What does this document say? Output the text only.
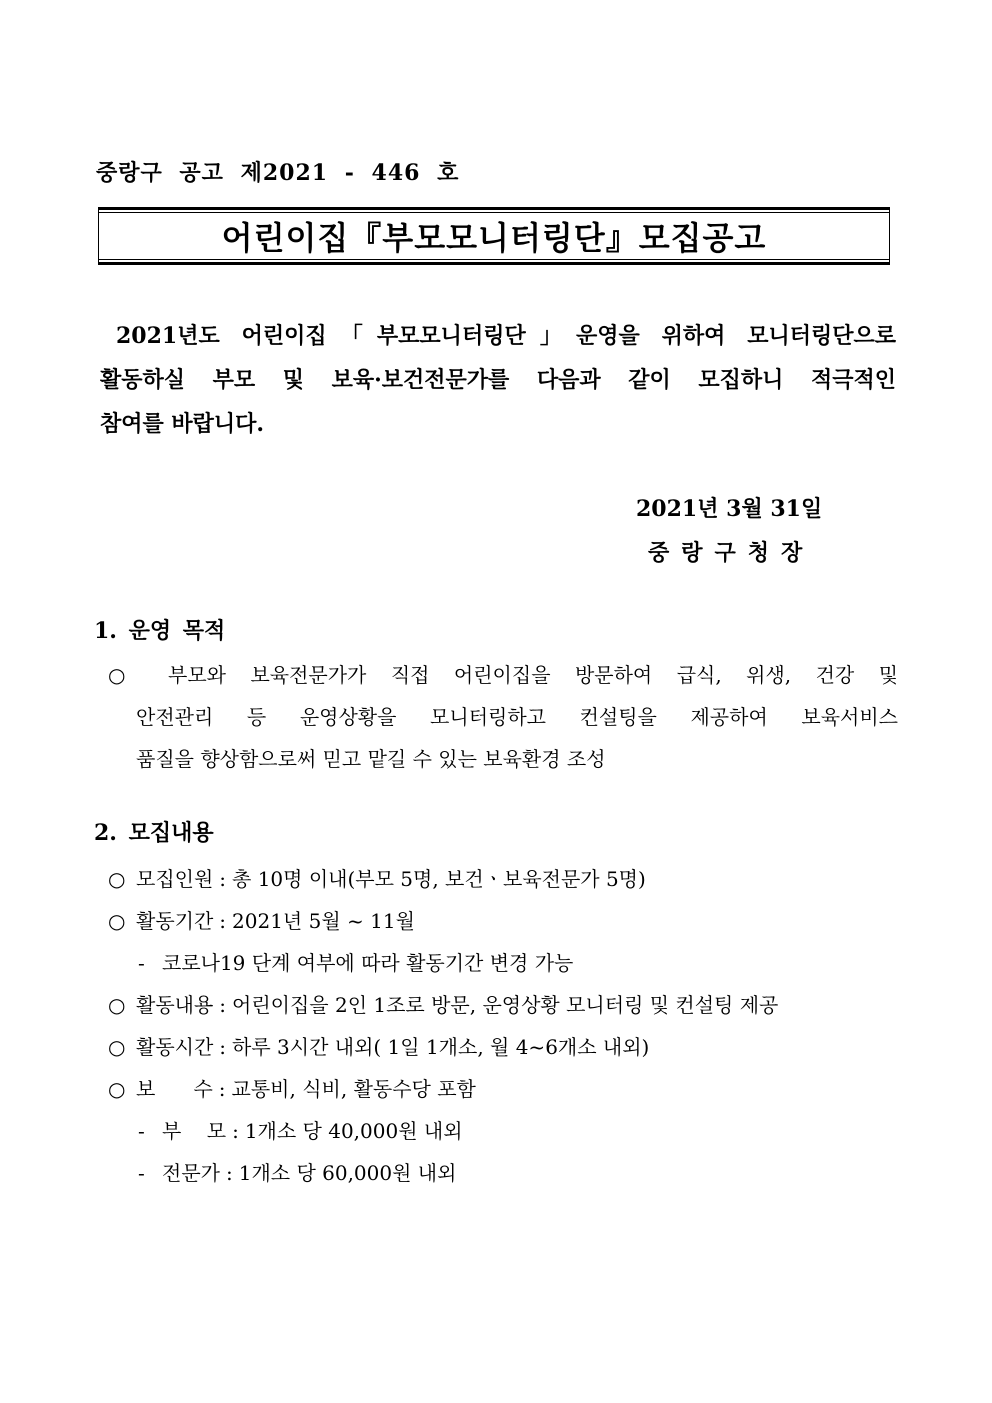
중랑구 공고 제2021 - 446 호
어린이집『부모모니터링단』모집공고
2021년도 어린이집「부모모니터링단」운영을 위하여 모니터링단으로
활동하실 부모 및 보육·보건전문가를 다음과 같이 모집하니 적극적인
참여를 바랍니다.
2021년 3월 31일
중랑구청장
1. 운영 목적
○ 부모와 보육전문가가 직접 어린이집을 방문하여 급식, 위생, 건강 및
안전관리 등 운영상황을 모니터링하고 컨설팅을 제공하여 보육서비스
품질을 향상함으로써 믿고 맡길 수 있는 보육환경 조성
2. 모집내용
○ 모집인원 : 총 10명 이내(부모 5명, 보건ㆍ보육전문가 5명)
○ 활동기간 : 2021년 5월 ~ 11월
- 코로나19 단계 여부에 따라 활동기간 변경 가능
○ 활동내용 : 어린이집을 2인 1조로 방문, 운영상황 모니터링 및 컨설팅 제공
○ 활동시간 : 하루 3시간 내외( 1일 1개소, 월 4~6개소 내외)
○ 보      수 : 교통비, 식비, 활동수당 포함
- 부    모 : 1개소 당 40,000원 내외
- 전문가 : 1개소 당 60,000원 내외
